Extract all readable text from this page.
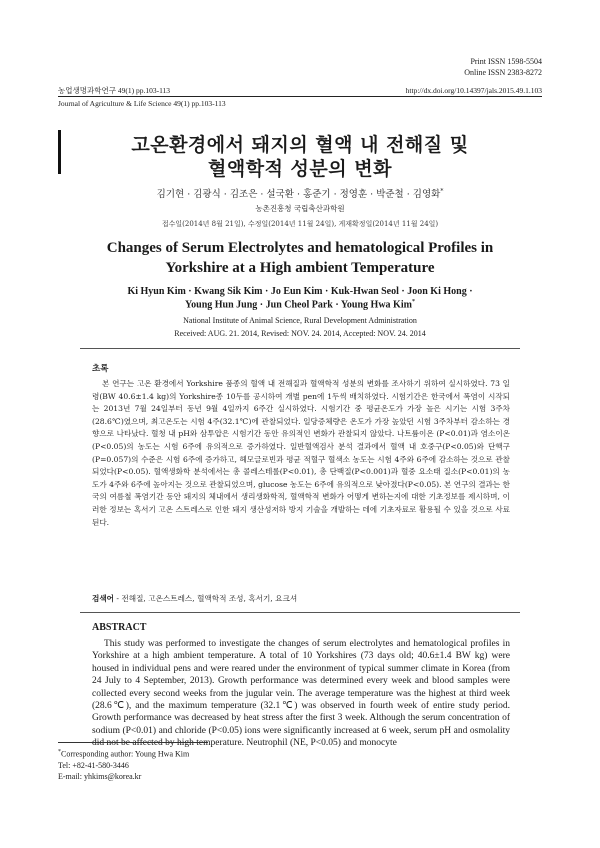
Print ISSN 1598-5504
Online ISSN 2383-8272
농업생명과학연구 49(1) pp.103-113	http://dx.doi.org/10.14397/jals.2015.49.1.103
Journal of Agriculture & Life Science 49(1) pp.103-113
고온환경에서 돼지의 혈액 내 전해질 및
혈액학적 성분의 변화
김기현 · 김광식 · 김조은 · 설국환 · 홍준기 · 정영훈 · 박준철 · 김영화*
농촌진흥청 국립축산과학원
접수일(2014년 8월 21일), 수정일(2014년 11월 24일), 게재확정일(2014년 11월 24일)
Changes of Serum Electrolytes and hematological Profiles in
Yorkshire at a High ambient Temperature
Ki Hyun Kim · Kwang Sik Kim · Jo Eun Kim · Kuk-Hwan Seol · Joon Ki Hong ·
Young Hun Jung · Jun Cheol Park · Young Hwa Kim*
National Institute of Animal Science, Rural Development Administration
Received: AUG. 21. 2014, Revised: NOV. 24. 2014, Accepted: NOV. 24. 2014
초록

본 연구는 고온 환경에서 Yorkshire 품종의 혈액 내 전해질과 혈액학적 성분의 변화를 조사하기 위하여 실시하였다. 73 일령(BW 40.6±1.4 kg)의 Yorkshire종 10두를 공시하여 개별 pen에 1두씩 배치하였다. 시험기간은 한국에서 폭염이 시작되는 2013년 7월 24일부터 동년 9월 4일까지 6주간 실시하였다. 시험기간 중 평균온도가 가장 높은 시기는 시험 3주차(28.6℃)였으며, 최고온도는 시험 4주(32.1℃)에 관찰되었다. 일당증체량은 온도가 가장 높았던 시험 3주차부터 감소하는 경향으로 나타났다. 혈청 내 pH와 삼투압은 시험기간 동안 유의적인 변화가 관찰되지 않았다. 나트륨이온 (P<0.01)과 염소이온(P<0.05)의 농도는 시험 6주에 유의적으로 증가하였다. 일반혈액검사 분석 결과에서 혈액 내 호중구(P<0.05)와 단핵구(P=0.057)의 수준은 시험 6주에 증가하고, 헤모글로빈과 평균 적혈구 혈색소 농도는 시험 4주와 6주에 감소하는 것으로 관찰되었다(P<0.05). 혈액생화학 분석에서는 총 콜레스테롤(P<0.01), 총 단백질(P<0.001)과 혈중 요소태 질소(P<0.01)의 농도가 4주와 6주에 높아지는 것으로 관찰되었으며, glucose 농도는 6주에 유의적으로 낮아졌다(P<0.05). 본 연구의 결과는 한국의 여름철 폭염기간 동안 돼지의 체내에서 생리생화학적, 혈액학적 변화가 어떻게 변하는지에 대한 기초정보를 제시하며, 이러한 정보는 혹서기 고온 스트레스로 인한 돼지 생산성저하 방지 기술을 개발하는 데에 기초자료로 활용될 수 있을 것으로 사료된다.

검색어 - 전해질, 고온스트레스, 혈액학적 조성, 혹서기, 요크셔
ABSTRACT

This study was performed to investigate the changes of serum electrolytes and hematological profiles in Yorkshire at a high ambient temperature. A total of 10 Yorkshires (73 days old; 40.6±1.4 BW kg) were housed in individual pens and were reared under the environment of typical summer climate in Korea (from 24 July to 4 September, 2013). Growth performance was determined every week and blood samples were collected every second weeks from the jugular vein. The average temperature was the highest at third week (28.6℃), and the maximum temperature (32.1℃) was observed in fourth week of entire study period. Growth performance was decreased by heat stress after the first 3 week. Although the serum concentration of sodium (P<0.01) and chloride (P<0.05) ions were significantly increased at 6 week, serum pH and osmolality did not be affected by high temperature. Neutrophil (NE, P<0.05) and monocyte

*Corresponding author: Young Hwa Kim
Tel: +82-41-580-3446
E-mail: yhkims@korea.kr
